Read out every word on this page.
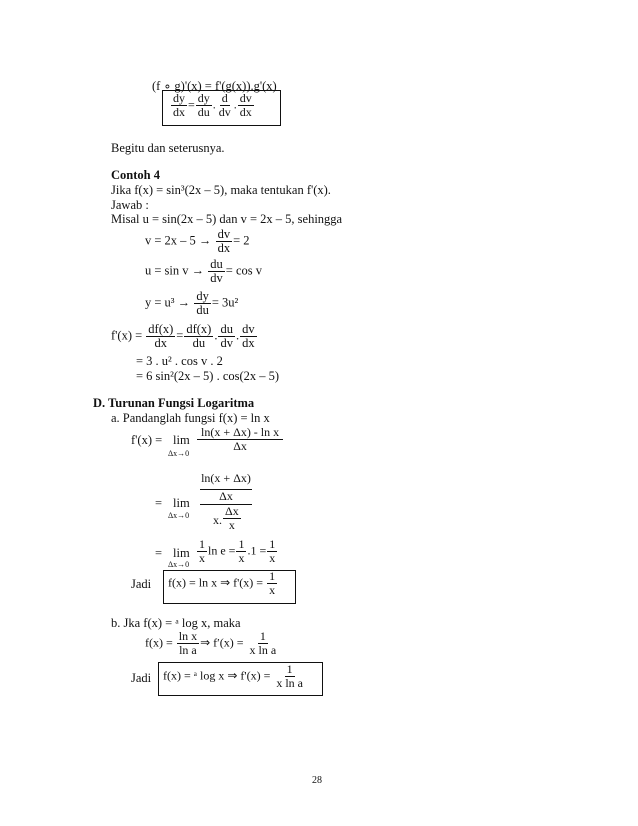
(f ∘ g)'(x) = f'(g(x)).g'(x)
$\frac{dy}{dx} = \frac{dy}{du}$ . $\frac{d}{dv}$ . $\frac{dv}{dx}$
Begitu dan seterusnya.
Contoh 4
Jika f(x) = sin³(2x – 5), maka tentukan f'(x).
Jawab :
Misal u = sin(2x – 5) dan v = 2x – 5, sehingga
$v = 2x - 5 \to \frac{dv}{dx} = 2$
$u = \sin v \to \frac{du}{dv} = \cos v$
$y = u^3 \to \frac{dy}{du} = 3u^2$
$f'(x) = \frac{df(x)}{dx} = \frac{df(x)}{du}$ . $\frac{du}{dv}$ . $\frac{dv}{dx}$
= 3 . u² . cos v . 2
= 6 sin²(2x – 5) . cos(2x – 5)
D. Turunan Fungsi Logaritma
a. Pandanglah fungsi f(x) = ln x
f'(x) = lim
Δx→0
$\frac{\text{ln(x + Δx) - ln x}}{\Delta x}$
= lim
Δx→0
ln(x + Δx)
Δx
x. $\frac{\Delta x}{x}$
= lim
$\Delta x\to 0 \frac{1}{x}$ $\ln e = \frac{1}{x} .1 = \frac{1}{x}$
Jadi f(x) = ln x ⇒ $f'(x) = \frac{1}{x}$
b. Jka f(x) = ᵃ log x, maka
$f(x) = \frac{\text{ln x}}{\text{ln a}}$ ⇒ $f'(x) = \frac{1}{\text{x ln a}}$
Jadi f(x) = ᵃ log x ⇒ $f'(x) = \frac{1}{\text{x ln a}}$
28
